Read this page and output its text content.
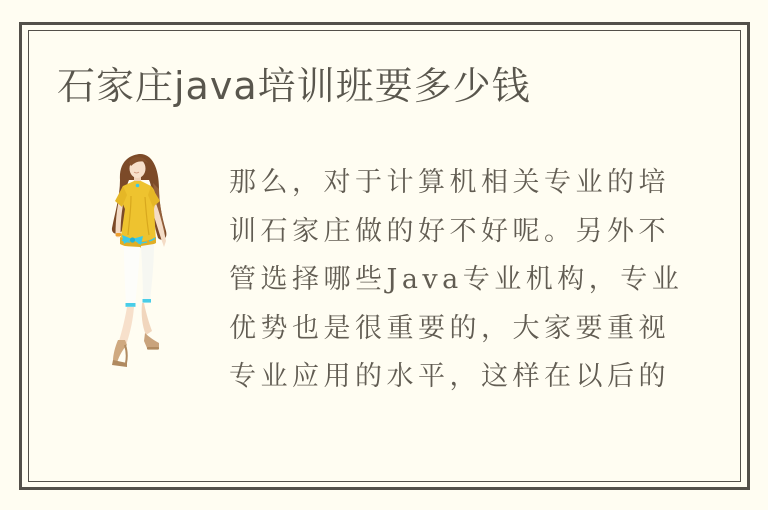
石家庄java培训班要多少钱
那么，对于计算机相关专业的培
训石家庄做的好不好呢。另外不
管选择哪些Java专业机构，专业
优势也是很重要的，大家要重视
专业应用的水平，这样在以后的
